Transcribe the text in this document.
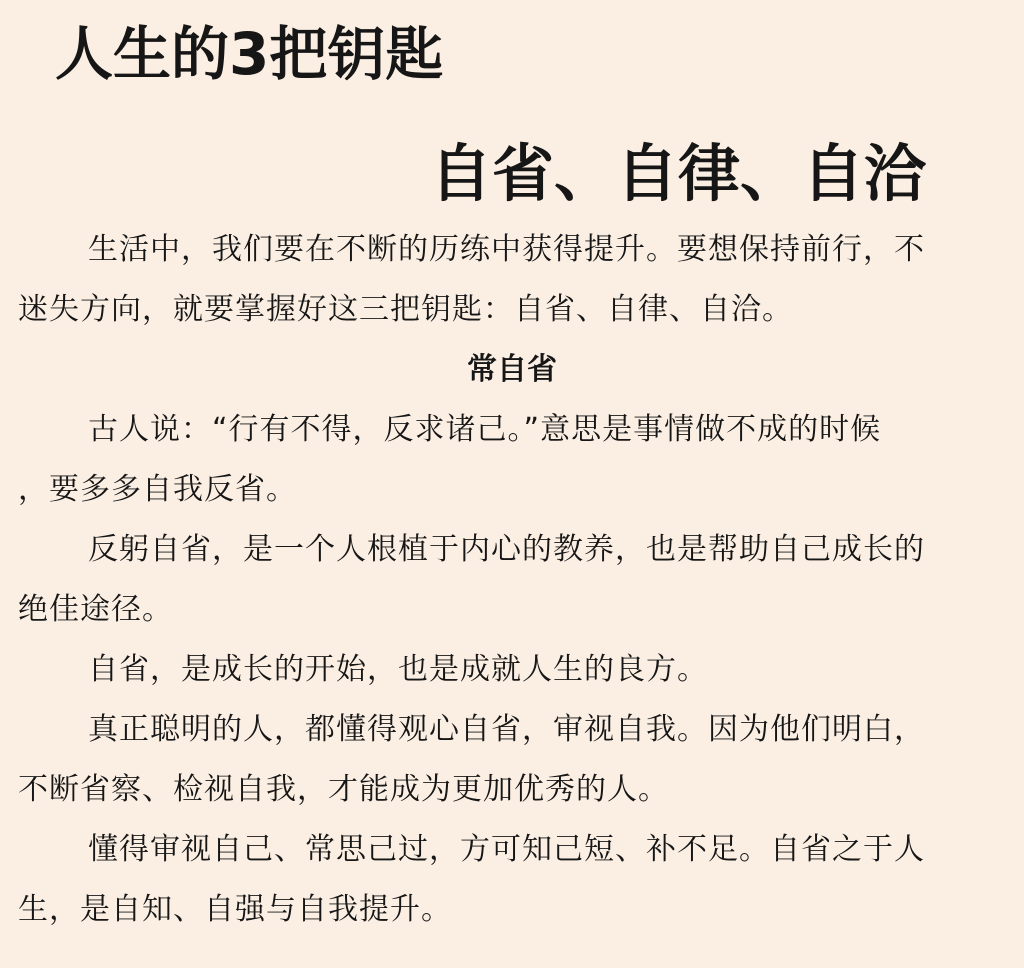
人生的3把钥匙
自省、自律、自洽
生活中，我们要在不断的历练中获得提升。要想保持前行，不
迷失方向，就要掌握好这三把钥匙：自省、自律、自洽。
常自省
古人说：“行有不得，反求诸己。”意思是事情做不成的时候
，要多多自我反省。
反躬自省，是一个人根植于内心的教养，也是帮助自己成长的
绝佳途径。
自省，是成长的开始，也是成就人生的良方。
真正聪明的人，都懂得观心自省，审视自我。因为他们明白，
不断省察、检视自我，才能成为更加优秀的人。
懂得审视自己、常思己过，方可知己短、补不足。自省之于人
生，是自知、自强与自我提升。
